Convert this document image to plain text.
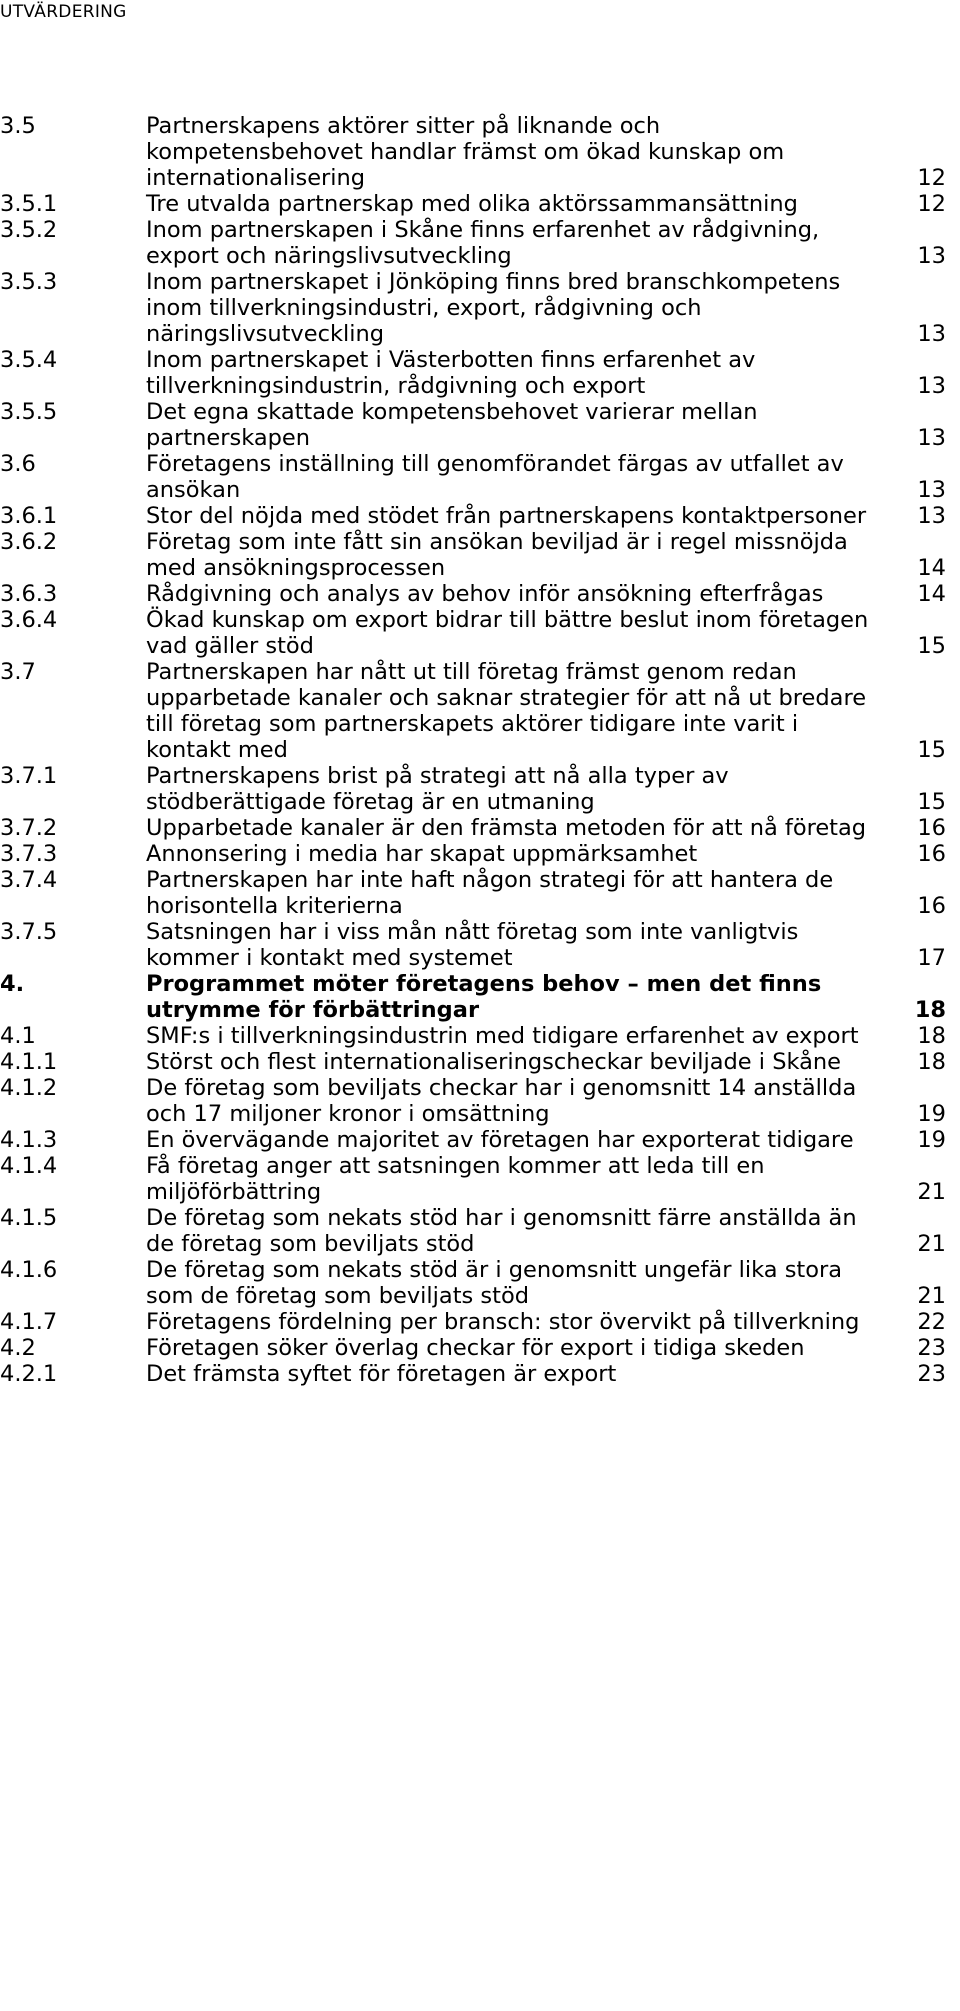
UTVÄRDERING
3.5	Partnerskapens aktörer sitter på liknande och kompetensbehovet handlar främst om ökad kunskap om internationalisering	12
3.5.1	Tre utvalda partnerskap med olika aktörssammansättning	12
3.5.2	Inom partnerskapen i Skåne finns erfarenhet av rådgivning, export och näringslivsutveckling	13
3.5.3	Inom partnerskapet i Jönköping finns bred branschkompetens inom tillverkningsindustri, export, rådgivning och näringslivsutveckling	13
3.5.4	Inom partnerskapet i Västerbotten finns erfarenhet av tillverkningsindustrin, rådgivning och export	13
3.5.5	Det egna skattade kompetensbehovet varierar mellan partnerskapen	13
3.6	Företagens inställning till genomförandet färgas av utfallet av ansökan	13
3.6.1	Stor del nöjda med stödet från partnerskapens kontaktpersoner	13
3.6.2	Företag som inte fått sin ansökan beviljad är i regel missnöjda med ansökningsprocessen	14
3.6.3	Rådgivning och analys av behov inför ansökning efterfrågas	14
3.6.4	Ökad kunskap om export bidrar till bättre beslut inom företagen vad gäller stöd	15
3.7	Partnerskapen har nått ut till företag främst genom redan upparbetade kanaler och saknar strategier för att nå ut bredare till företag som partnerskapets aktörer tidigare inte varit i kontakt med	15
3.7.1	Partnerskapens brist på strategi att nå alla typer av stödberättigade företag är en utmaning	15
3.7.2	Upparbetade kanaler är den främsta metoden för att nå företag	16
3.7.3	Annonsering i media har skapat uppmärksamhet	16
3.7.4	Partnerskapen har inte haft någon strategi för att hantera de horisontella kriterierna	16
3.7.5	Satsningen har i viss mån nått företag som inte vanligtvis kommer i kontakt med systemet	17
4.	Programmet möter företagens behov – men det finns utrymme för förbättringar	18
4.1	SMF:s i tillverkningsindustrin med tidigare erfarenhet av export	18
4.1.1	Störst och flest internationaliseringscheckar beviljade i Skåne	18
4.1.2	De företag som beviljats checkar har i genomsnitt 14 anställda och 17 miljoner kronor i omsättning	19
4.1.3	En övervägande majoritet av företagen har exporterat tidigare	19
4.1.4	Få företag anger att satsningen kommer att leda till en miljöförbättring	21
4.1.5	De företag som nekats stöd har i genomsnitt färre anställda än de företag som beviljats stöd	21
4.1.6	De företag som nekats stöd är i genomsnitt ungefär lika stora som de företag som beviljats stöd	21
4.1.7	Företagens fördelning per bransch: stor övervikt på tillverkning	22
4.2	Företagen söker överlag checkar för export i tidiga skeden	23
4.2.1	Det främsta syftet för företagen är export	23
